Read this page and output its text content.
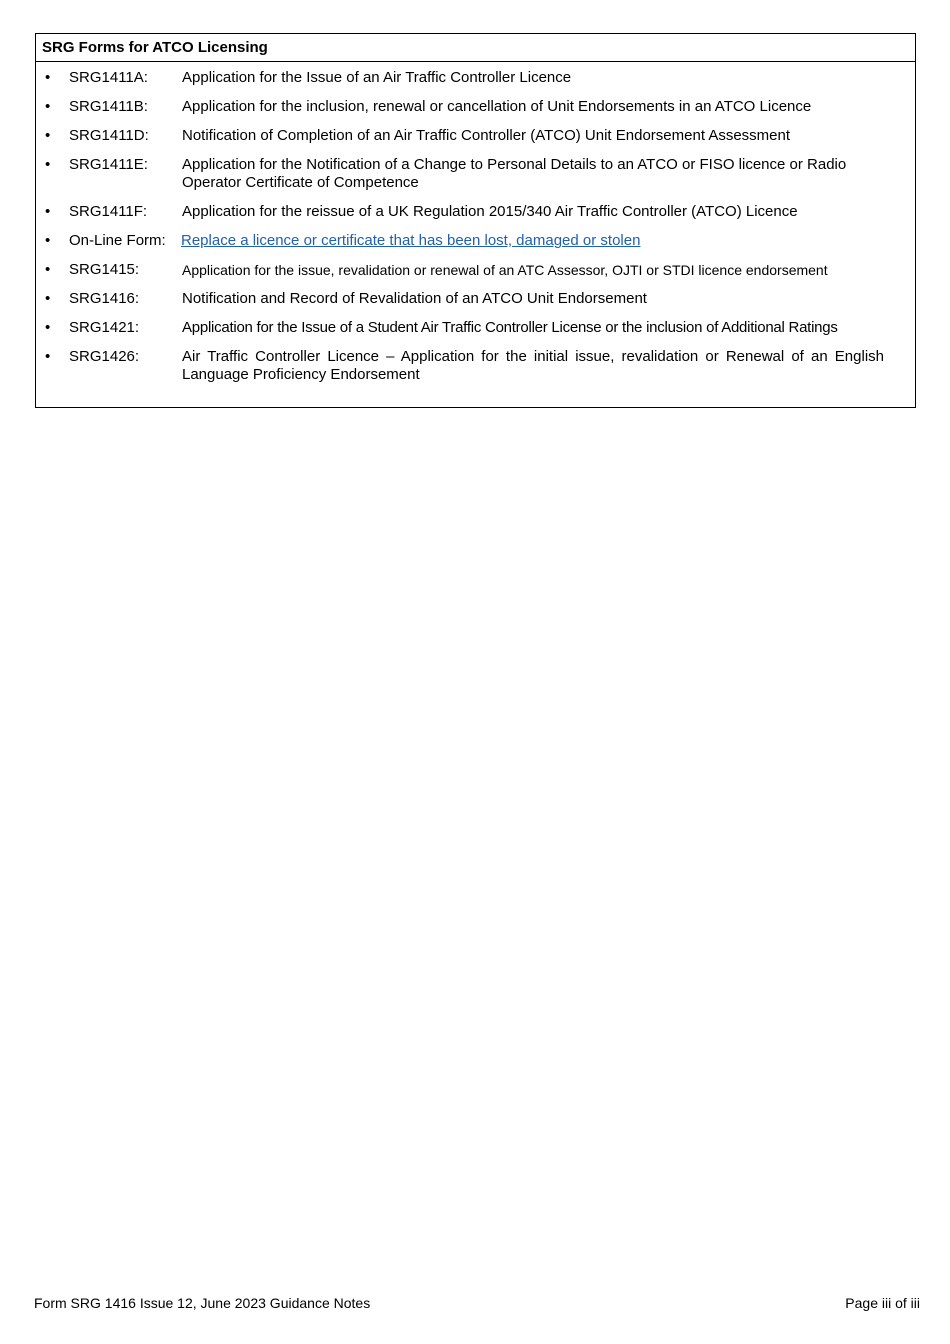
SRG Forms for ATCO Licensing
• SRG1411A: Application for the Issue of an Air Traffic Controller Licence
• SRG1411B: Application for the inclusion, renewal or cancellation of Unit Endorsements in an ATCO Licence
• SRG1411D: Notification of Completion of an Air Traffic Controller (ATCO) Unit Endorsement Assessment
• SRG1411E: Application for the Notification of a Change to Personal Details to an ATCO or FISO licence or Radio Operator Certificate of Competence
• SRG1411F: Application for the reissue of a UK Regulation 2015/340 Air Traffic Controller (ATCO) Licence
• On-Line Form: Replace a licence or certificate that has been lost, damaged or stolen
• SRG1415:	Application for the issue, revalidation or renewal of an ATC Assessor, OJTI or STDI licence endorsement
• SRG1416:	Notification and Record of Revalidation of an ATCO Unit Endorsement
• SRG1421:	Application for the Issue of a Student Air Traffic Controller License or the inclusion of Additional Ratings
• SRG1426:	Air Traffic Controller Licence – Application for the initial issue, revalidation or Renewal of an English Language Proficiency Endorsement
Form SRG 1416 Issue 12, June 2023 Guidance Notes	Page iii of iii
